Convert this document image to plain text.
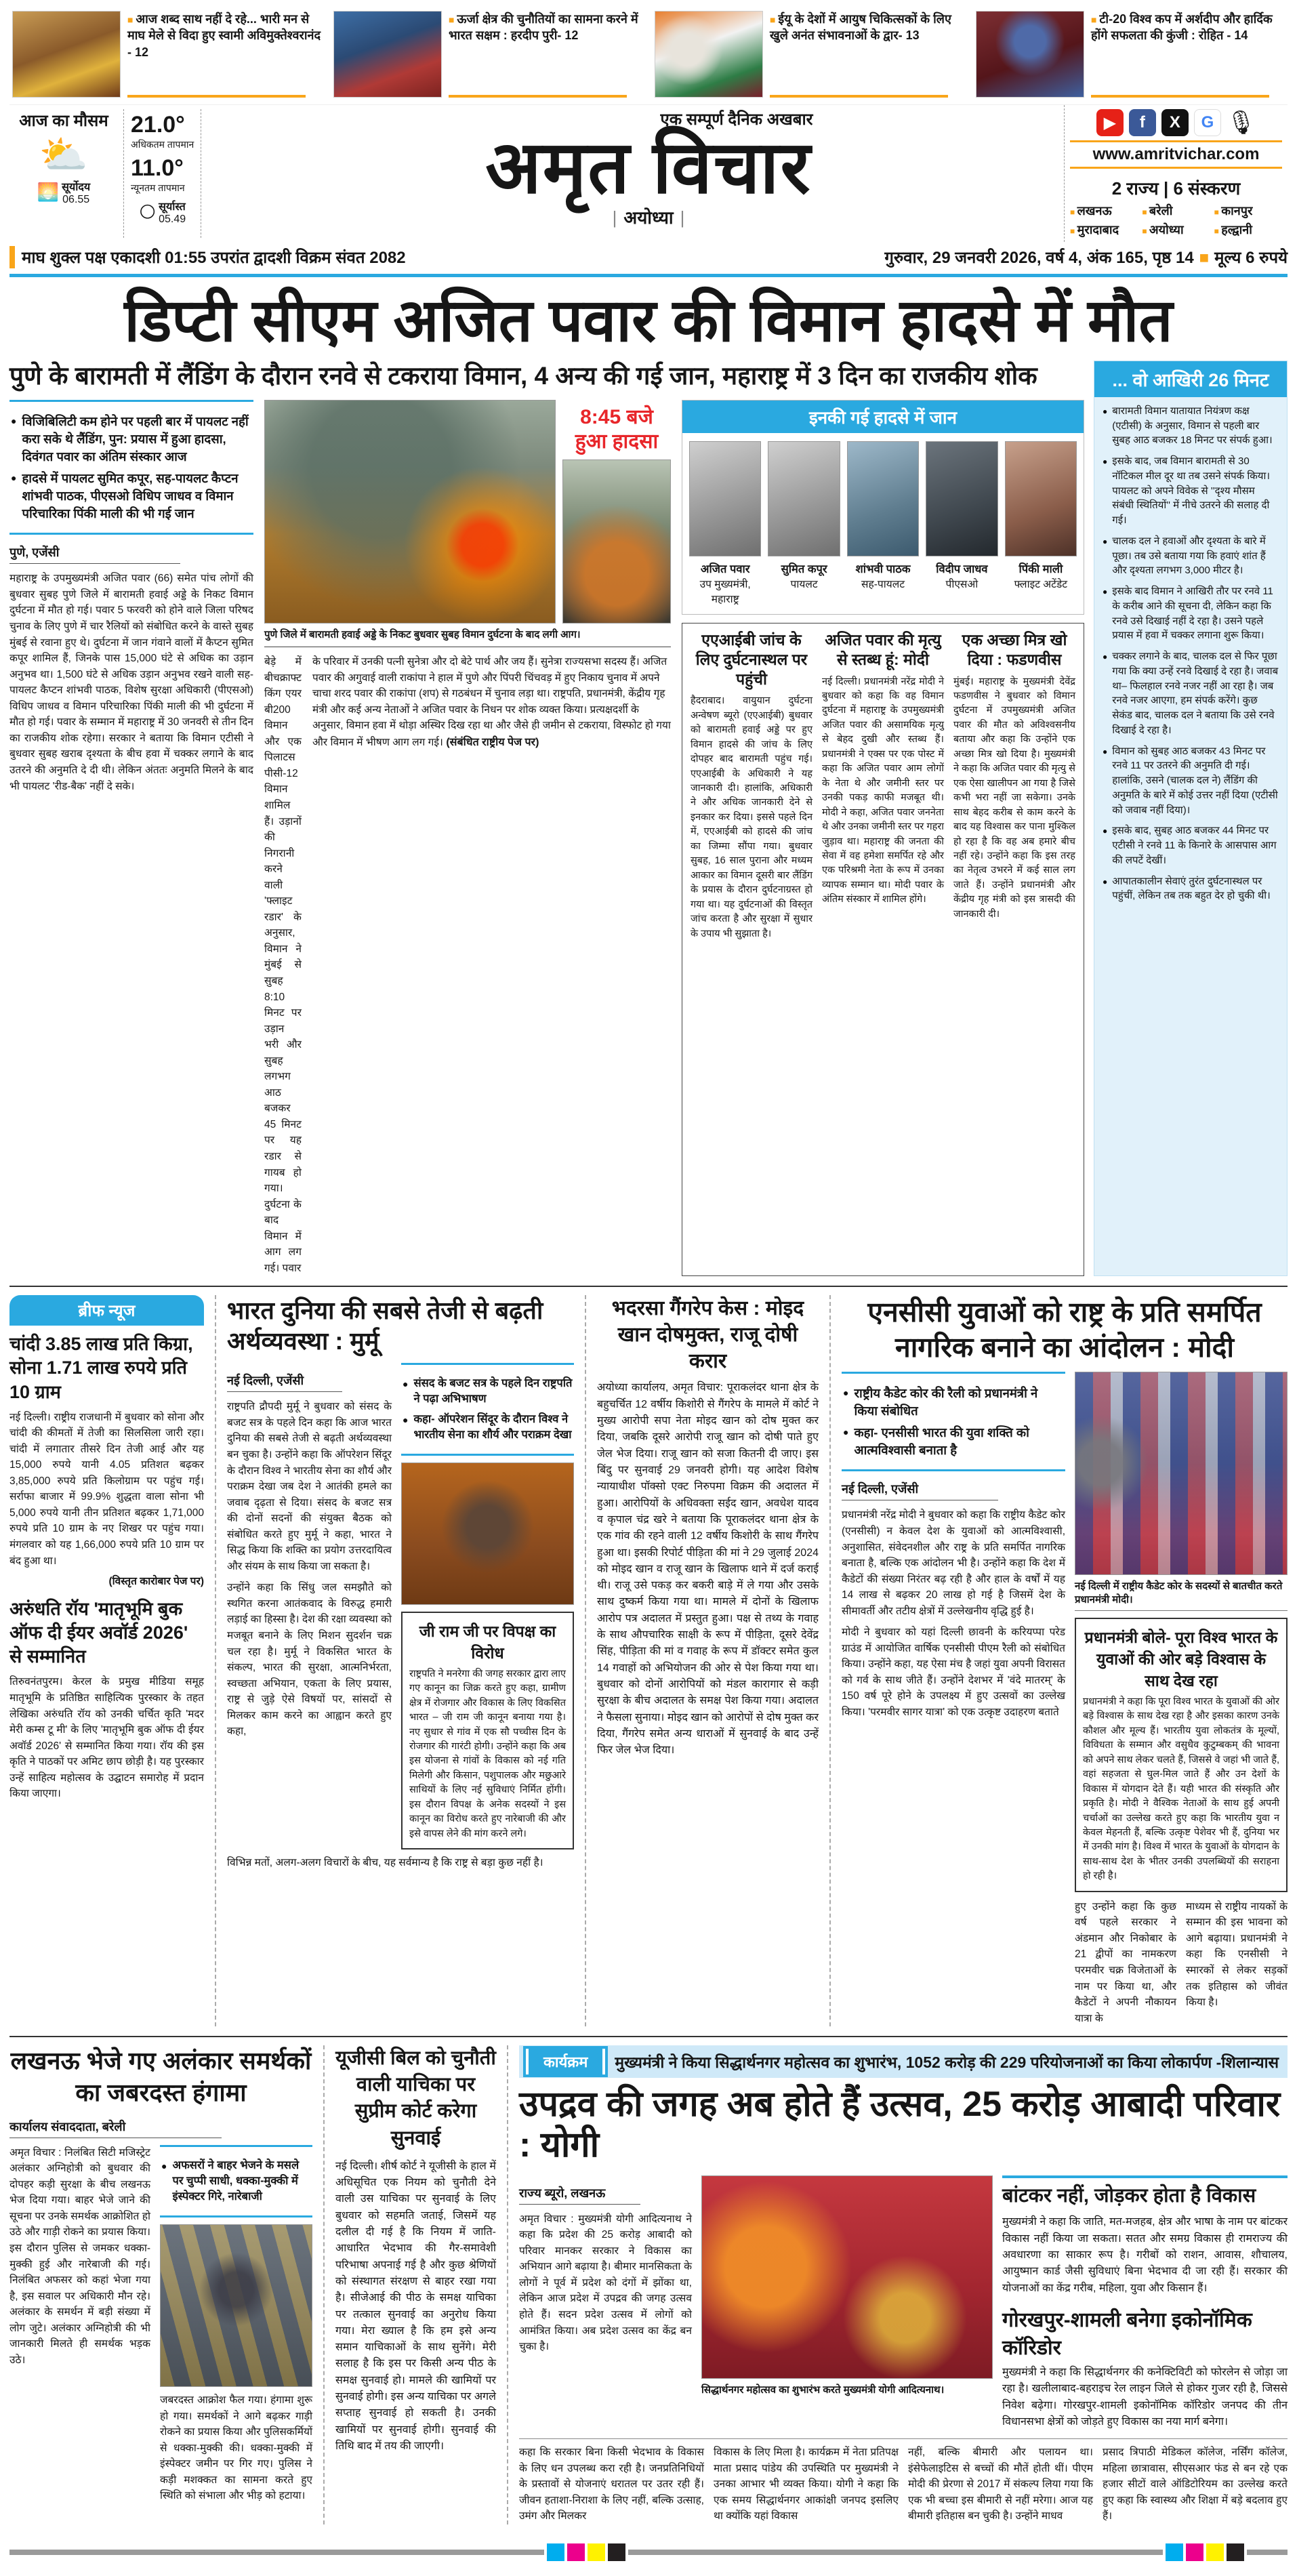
■ आज शब्द साथ नहीं दे रहे... भारी मन से माघ मेले से विदा हुए स्वामी अविमुक्तेश्वरानंद - 12
■ ऊर्जा क्षेत्र की चुनौतियों का सामना करने में भारत सक्षम : हरदीप पुरी- 12
■ ईयू के देशों में आयुष चिकित्सकों के लिए खुले अनंत संभावनाओं के द्वार- 13
■ टी-20 विश्व कप में अर्शदीप और हार्दिक होंगे सफलता की कुंजी : रोहित - 14
आज का मौसम
⛅
🌅 सूर्योदय
06.55
21.0°
अधिकतम तापमान
11.0°
न्यूनतम तापमान
🌕 सूर्यास्त
05.49
एक सम्पूर्ण दैनिक अखबार
अमृत विचार
| अयोध्या |
▶	f	X	G 🎙
www.amritvichar.com
2 राज्य | 6 संस्करण
■ लखनऊ	■ बरेली	■ कानपुर
■ मुरादाबाद	■ अयोध्या	■ हल्द्वानी
माघ शुक्ल पक्ष एकादशी 01:55 उपरांत द्वादशी विक्रम संवत 2082	गुरुवार, 29 जनवरी 2026, वर्ष 4, अंक 165, पृष्ठ 14 ■ मूल्य 6 रुपये
डिप्टी सीएम अजित पवार की विमान हादसे में मौत
पुणे के बारामती में लैंडिंग के दौरान रनवे से टकराया विमान, 4 अन्य की गई जान, महाराष्ट्र में 3 दिन का राजकीय शोक
● विजिबिलिटी कम होने पर पहली बार में पायलट नहीं करा सके थे लैंडिंग, पुन: प्रयास में हुआ हादसा, दिवंगत पवार का अंतिम संस्कार आज
● हादसे में पायलट सुमित कपूर, सह-पायलट कैप्टन शांभवी पाठक, पीएसओ विधिप जाधव व विमान परिचारिका पिंकी माली की भी गई जान
पुणे, एजेंसी
महाराष्ट्र के उपमुख्यमंत्री अजित पवार (66) समेत पांच लोगों की बुधवार सुबह पुणे जिले में बारामती हवाई अड्डे के निकट विमान दुर्घटना में मौत हो गई। पवार 5 फरवरी को होने वाले जिला परिषद चुनाव के लिए पुणे में चार रैलियों को संबोधित करने के वास्ते सुबह मुंबई से रवाना हुए थे। दुर्घटना में जान गंवाने वालों में कैप्टन सुमित कपूर शामिल हैं, जिनके पास 15,000 घंटे से अधिक का उड़ान अनुभव था। 1,500 घंटे से अधिक उड़ान अनुभव रखने वाली सह-पायलट कैप्टन शांभवी पाठक, विशेष सुरक्षा अधिकारी (पीएसओ) विधिप जाधव व विमान परिचारिका पिंकी माली की भी दुर्घटना में मौत हो गई। पवार के सम्मान में महाराष्ट्र में 30 जनवरी से तीन दिन का राजकीय शोक रहेगा। सरकार ने बताया कि विमान एटीसी ने बुधवार सुबह खराब दृश्यता के बीच हवा में चक्कर लगाने के बाद उतरने की अनुमति दे दी थी। लेकिन अंततः अनुमति मिलने के बाद भी पायलट 'रीड-बैक' नहीं दे सके।
8:45 बजे हुआ हादसा
पुणे जिले में बारामती हवाई अड्डे के निकट बुधवार सुबह विमान दुर्घटना के बाद लगी आग।
बेड़े में बीचक्राफ्ट किंग एयर बी200 विमान और एक पिलाटस पीसी-12 विमान शामिल हैं। उड़ानों की निगरानी करने वाली 'फ्लाइट रडार' के अनुसार, विमान ने मुंबई से सुबह 8:10 मिनट पर उड़ान भरी और सुबह लगभग आठ बजकर 45 मिनट पर यह रडार से गायब हो गया। दुर्घटना के बाद विमान में आग लग गई। पवार
के परिवार में उनकी पत्नी सुनेत्रा और दो बेटे पार्थ और जय हैं। सुनेत्रा राज्यसभा सदस्य हैं। अजित पवार की अगुवाई वाली राकांपा ने हाल में पुणे और पिंपरी चिंचवड़ में हुए निकाय चुनाव में अपने चाचा शरद पवार की राकांपा (शप) से गठबंधन में चुनाव लड़ा था। राष्ट्रपति, प्रधानमंत्री, केंद्रीय गृह मंत्री और कई अन्य नेताओं ने अजित पवार के निधन पर शोक व्यक्त किया। प्रत्यक्षदर्शी के अनुसार, विमान हवा में थोड़ा अस्थिर दिख रहा था और जैसे ही जमीन से टकराया, विस्फोट हो गया और विमान में भीषण आग लग गई। (संबंधित राष्ट्रीय पेज पर)
इनकी गई हादसे में जान
अजित पवार
उप मुख्यमंत्री, महाराष्ट्र
सुमित कपूर
पायलट
शांभवी पाठक
सह-पायलट
विदीप जाधव
पीएसओ
पिंकी माली
फ्लाइट अटेंडेट
एएआईबी जांच के लिए दुर्घटनास्थल पर पहुंची
हैदराबाद। वायुयान दुर्घटना अन्वेषण ब्यूरो (एएआईबी) बुधवार को बारामती हवाई अड्डे पर हुए विमान हादसे की जांच के लिए दोपहर बाद बारामती पहुंच गई। एएआईबी के अधिकारी ने यह जानकारी दी। हालांकि, अधिकारी ने और अधिक जानकारी देने से इनकार कर दिया। इससे पहले दिन में, एएआईबी को हादसे की जांच का जिम्मा सौंपा गया। बुधवार सुबह, 16 साल पुराना और मध्यम आकार का विमान दूसरी बार लैंडिंग के प्रयास के दौरान दुर्घटनाग्रस्त हो गया था। यह दुर्घटनाओं की विस्तृत जांच करता है और सुरक्षा में सुधार के उपाय भी सुझाता है।
अजित पवार की मृत्यु से स्तब्ध हूं: मोदी
नई दिल्ली। प्रधानमंत्री नरेंद्र मोदी ने बुधवार को कहा कि वह विमान दुर्घटना में महाराष्ट्र के उपमुख्यमंत्री अजित पवार की असामयिक मृत्यु से बेहद दुखी और स्तब्ध हैं। प्रधानमंत्री ने एक्स पर एक पोस्ट में कहा कि अजित पवार आम लोगों के नेता थे और जमीनी स्तर पर उनकी पकड़ काफी मजबूत थी। मोदी ने कहा, अजित पवार जननेता थे और उनका जमीनी स्तर पर गहरा जुड़ाव था। महाराष्ट्र की जनता की सेवा में वह हमेशा समर्पित रहे और एक परिश्रमी नेता के रूप में उनका व्यापक सम्मान था। मोदी पवार के अंतिम संस्कार में शामिल होंगे।
एक अच्छा मित्र खो दिया : फडणवीस
मुंबई। महाराष्ट्र के मुख्यमंत्री देवेंद्र फडणवीस ने बुधवार को विमान दुर्घटना में उपमुख्यमंत्री अजित पवार की मौत को अविश्वसनीय बताया और कहा कि उन्होंने एक अच्छा मित्र खो दिया है। मुख्यमंत्री ने कहा कि अजित पवार की मृत्यु से एक ऐसा खालीपन आ गया है जिसे कभी भरा नहीं जा सकेगा। उनके साथ बेहद करीब से काम करने के बाद यह विश्वास कर पाना मुश्किल हो रहा है कि वह अब हमारे बीच नहीं रहे। उन्होंने कहा कि इस तरह का नेतृत्व उभरने में कई साल लग जाते हैं। उन्होंने प्रधानमंत्री और केंद्रीय गृह मंत्री को इस त्रासदी की जानकारी दी।
... वो आखिरी 26 मिनट
● बारामती विमान यातायात नियंत्रण कक्ष (एटीसी) के अनुसार, विमान से पहली बार सुबह आठ बजकर 18 मिनट पर संपर्क हुआ।
● इसके बाद, जब विमान बारामती से 30 नॉटिकल मील दूर था तब उसने संपर्क किया। पायलट को अपने विवेक से ''दृश्य मौसम संबंधी स्थितियों'' में नीचे उतरने की सलाह दी गई।
● चालक दल ने हवाओं और दृश्यता के बारे में पूछा। तब उसे बताया गया कि हवाएं शांत हैं और दृश्यता लगभग 3,000 मीटर है।
● इसके बाद विमान ने आखिरी तौर पर रनवे 11 के करीब आने की सूचना दी, लेकिन कहा कि रनवे उसे दिखाई नहीं दे रहा है। उसने पहले प्रयास में हवा में चक्कर लगाना शुरू किया।
● चक्कर लगाने के बाद, चालक दल से फिर पूछा गया कि क्या उन्हें रनवे दिखाई दे रहा है। जवाब था– फिलहाल रनवे नजर नहीं आ रहा है। जब रनवे नजर आएगा, हम संपर्क करेंगे। कुछ सेकंड बाद, चालक दल ने बताया कि उसे रनवे दिखाई दे रहा है।
● विमान को सुबह आठ बजकर 43 मिनट पर रनवे 11 पर उतरने की अनुमति दी गई। हालांकि, उसने (चालक दल ने) लैंडिंग की अनुमति के बारे में कोई उत्तर नहीं दिया (एटीसी को जवाब नहीं दिया)।
● इसके बाद, सुबह आठ बजकर 44 मिनट पर एटीसी ने रनवे 11 के किनारे के आसपास आग की लपटें देखीं।
● आपातकालीन सेवाएं तुरंत दुर्घटनास्थल पर पहुंचीं, लेकिन तब तक बहुत देर हो चुकी थी।
ब्रीफ न्यूज
चांदी 3.85 लाख प्रति किग्रा, सोना 1.71 लाख रुपये प्रति 10 ग्राम
नई दिल्ली। राष्ट्रीय राजधानी में बुधवार को सोना और चांदी की कीमतों में तेजी का सिलसिला जारी रहा। चांदी में लगातार तीसरे दिन तेजी आई और यह 15,000 रुपये यानी 4.05 प्रतिशत बढ़कर 3,85,000 रुपये प्रति किलोग्राम पर पहुंच गई। सर्राफा बाजार में 99.9% शुद्धता वाला सोना भी 5,000 रुपये यानी तीन प्रतिशत बढ़कर 1,71,000 रुपये प्रति 10 ग्राम के नए शिखर पर पहुंच गया। मंगलवार को यह 1,66,000 रुपये प्रति 10 ग्राम पर बंद हुआ था।
(विस्तृत कारोबार पेज पर)
अरुंधति रॉय 'मातृभूमि बुक ऑफ दी ईयर अवॉर्ड 2026' से सम्मानित
तिरुवनंतपुरम। केरल के प्रमुख मीडिया समूह मातृभूमि के प्रतिष्ठित साहित्यिक पुरस्कार के तहत लेखिका अरुंधति रॉय को उनकी चर्चित कृति 'मदर मेरी कम्स टू मी' के लिए 'मातृभूमि बुक ऑफ दी ईयर अवॉर्ड 2026' से सम्मानित किया गया। रॉय की इस कृति ने पाठकों पर अमिट छाप छोड़ी है। यह पुरस्कार उन्हें साहित्य महोत्सव के उद्घाटन समारोह में प्रदान किया जाएगा।
भारत दुनिया की सबसे तेजी से बढ़ती अर्थव्यवस्था : मुर्मू
नई दिल्ली, एजेंसी
राष्ट्रपति द्रौपदी मुर्मू ने बुधवार को संसद के बजट सत्र के पहले दिन कहा कि आज भारत दुनिया की सबसे तेजी से बढ़ती अर्थव्यवस्था बन चुका है। उन्होंने कहा कि ऑपरेशन सिंदूर के दौरान विश्व ने भारतीय सेना का शौर्य और पराक्रम देखा जब देश ने आतंकी हमले का जवाब दृढ़ता से दिया। संसद के बजट सत्र की दोनों सदनों की संयुक्त बैठक को संबोधित करते हुए मुर्मू ने कहा, भारत ने सिद्ध किया कि शक्ति का प्रयोग उत्तरदायित्व और संयम के साथ किया जा सकता है।
उन्होंने कहा कि सिंधु जल समझौते को स्थगित करना आतंकवाद के विरुद्ध हमारी लड़ाई का हिस्सा है। देश की रक्षा व्यवस्था को मजबूत बनाने के लिए मिशन सुदर्शन चक्र चल रहा है। मुर्मू ने विकसित भारत के संकल्प, भारत की सुरक्षा, आत्मनिर्भरता, स्वच्छता अभियान, एकता के लिए प्रयास, राष्ट्र से जुड़े ऐसे विषयों पर, सांसदों से मिलकर काम करने का आह्वान करते हुए कहा,
● संसद के बजट सत्र के पहले दिन राष्ट्रपति ने पढ़ा अभिभाषण
● कहा- ऑपरेशन सिंदूर के दौरान विश्व ने भारतीय सेना का शौर्य और पराक्रम देखा
जी राम जी पर विपक्ष का विरोध
राष्ट्रपति ने मनरेगा की जगह सरकार द्वारा लाए गए कानून का जिक्र करते हुए कहा, ग्रामीण क्षेत्र में रोजगार और विकास के लिए विकसित भारत – जी राम जी कानून बनाया गया है। नए सुधार से गांव में एक सौ पच्चीस दिन के रोजगार की गारंटी होगी। उन्होंने कहा कि अब इस योजना से गांवों के विकास को नई गति मिलेगी और किसान, पशुपालक और मछुआरे साथियों के लिए नई सुविधाएं निर्मित होंगी। इस दौरान विपक्ष के अनेक सदस्यों ने इस कानून का विरोध करते हुए नारेबाजी की और इसे वापस लेने की मांग करने लगे।
विभिन्न मतों, अलग-अलग विचारों के बीच, यह सर्वमान्य है कि राष्ट्र से बड़ा कुछ नहीं है।
भदरसा गैंगरेप केस : मोइद खान दोषमुक्त, राजू दोषी करार
अयोध्या कार्यालय, अमृत विचार: पूराकलंदर थाना क्षेत्र के बहुचर्चित 12 वर्षीय किशोरी से गैंगरेप के मामले में कोर्ट ने मुख्य आरोपी सपा नेता मोइद खान को दोष मुक्त कर दिया, जबकि दूसरे आरोपी राजू खान को दोषी पाते हुए जेल भेज दिया। राजू खान को सजा कितनी दी जाए। इस बिंदु पर सुनवाई 29 जनवरी होगी। यह आदेश विशेष न्यायाधीश पॉक्सो एक्ट निरुपमा विक्रम की अदालत में हुआ। आरोपियों के अधिवक्ता सईद खान, अवधेश यादव व कृपाल चंद्र खरे ने बताया कि पूराकलंदर थाना क्षेत्र के एक गांव की रहने वाली 12 वर्षीय किशोरी के साथ गैंगरेप हुआ था। इसकी रिपोर्ट पीड़िता की मां ने 29 जुलाई 2024 को मोइद खान व राजू खान के खिलाफ थाने में दर्ज कराई थी। राजू उसे पकड़ कर बकरी बाड़े में ले गया और उसके साथ दुष्कर्म किया गया था। मामले में दोनों के खिलाफ आरोप पत्र अदालत में प्रस्तुत हुआ। पक्ष से तथ्य के गवाह के साथ औपचारिक साक्षी के रूप में पीड़िता, दूसरे देवेंद्र सिंह, पीड़िता की मां व गवाह के रूप में डॉक्टर समेत कुल 14 गवाहों को अभियोजन की ओर से पेश किया गया था। बुधवार को दोनों आरोपियों को मंडल कारागार से कड़ी सुरक्षा के बीच अदालत के समक्ष पेश किया गया। अदालत ने फैसला सुनाया। मोइद खान को आरोपों से दोष मुक्त कर दिया, गैंगरेप समेत अन्य धाराओं में सुनवाई के बाद उन्हें फिर जेल भेज दिया।
एनसीसी युवाओं को राष्ट्र के प्रति समर्पित नागरिक बनाने का आंदोलन : मोदी
● राष्ट्रीय कैडेट कोर की रैली को प्रधानमंत्री ने किया संबोधित
● कहा- एनसीसी भारत की युवा शक्ति को आत्मविश्वासी बनाता है
नई दिल्ली, एजेंसी
प्रधानमंत्री नरेंद्र मोदी ने बुधवार को कहा कि राष्ट्रीय कैडेट कोर (एनसीसी) न केवल देश के युवाओं को आत्मविश्वासी, अनुशासित, संवेदनशील और राष्ट्र के प्रति समर्पित नागरिक बनाता है, बल्कि एक आंदोलन भी है। उन्होंने कहा कि देश में कैडेटों की संख्या निरंतर बढ़ रही है और हाल के वर्षों में यह 14 लाख से बढ़कर 20 लाख हो गई है जिसमें देश के सीमावर्ती और तटीय क्षेत्रों में उल्लेखनीय वृद्धि हुई है।
मोदी ने बुधवार को यहां दिल्ली छावनी के करियप्पा परेड ग्राउंड में आयोजित वार्षिक एनसीसी पीएम रैली को संबोधित किया। उन्होंने कहा, यह ऐसा मंच है जहां युवा अपनी विरासत को गर्व के साथ जीते हैं। उन्होंने देशभर में 'वंदे मातरम्' के 150 वर्ष पूरे होने के उपलक्ष्य में हुए उत्सवों का उल्लेख किया। 'परमवीर सागर यात्रा' को एक उत्कृष्ट उदाहरण बताते
नई दिल्ली में राष्ट्रीय कैडेट कोर के सदस्यों से बातचीत करते प्रधानमंत्री मोदी।
प्रधानमंत्री बोले- पूरा विश्व भारत के युवाओं की ओर बड़े विश्वास के साथ देख रहा
प्रधानमंत्री ने कहा कि पूरा विश्व भारत के युवाओं की ओर बड़े विश्वास के साथ देख रहा है और इसका कारण उनके कौशल और मूल्य हैं। भारतीय युवा लोकतंत्र के मूल्यों, विविधता के सम्मान और वसुधैव कुटुम्बकम् की भावना को अपने साथ लेकर चलते हैं, जिससे वे जहां भी जाते हैं, वहां सहजता से घुल-मिल जाते हैं और उन देशों के विकास में योगदान देते हैं। यही भारत की संस्कृति और प्रकृति है। मोदी ने वैश्विक नेताओं के साथ हुई अपनी चर्चाओं का उल्लेख करते हुए कहा कि भारतीय युवा न केवल मेहनती हैं, बल्कि उत्कृष्ट पेशेवर भी हैं, दुनिया भर में उनकी मांग है। विश्व में भारत के युवाओं के योगदान के साथ-साथ देश के भीतर उनकी उपलब्धियों की सराहना हो रही है।
हुए उन्होंने कहा कि कुछ वर्ष पहले सरकार ने अंडमान और निकोबार के 21 द्वीपों का नामकरण परमवीर चक्र विजेताओं के नाम पर किया था, और कैडेटों ने अपनी नौकायन यात्रा के
माध्यम से राष्ट्रीय नायकों के सम्मान की इस भावना को आगे बढ़ाया। प्रधानमंत्री ने कहा कि एनसीसी ने स्मारकों से लेकर सड़कों तक इतिहास को जीवंत किया है।
लखनऊ भेजे गए अलंकार समर्थकों का जबरदस्त हंगामा
कार्यालय संवाददाता, बरेली
अमृत विचार : निलंबित सिटी मजिस्ट्रेट अलंकार अग्निहोत्री को बुधवार की दोपहर कड़ी सुरक्षा के बीच लखनऊ भेज दिया गया। बाहर भेजे जाने की सूचना पर उनके समर्थक आक्रोशित हो उठे और गाड़ी रोकने का प्रयास किया। इस दौरान पुलिस से जमकर धक्का-मुक्की हुई और नारेबाजी की गई। निलंबित अफसर को कहां भेजा गया है, इस सवाल पर अधिकारी मौन रहे। अलंकार के समर्थन में बड़ी संख्या में लोग जुटे। अलंकार अग्निहोत्री की भी जानकारी मिलते ही समर्थक भड़क उठे।
● अफसरों ने बाहर भेजने के मसले पर चुप्पी साधी, धक्का-मुक्की में इंस्पेक्टर गिरे, नारेबाजी
जबरदस्त आक्रोश फैल गया। हंगामा शुरू हो गया। समर्थकों ने आगे बढ़कर गाड़ी रोकने का प्रयास किया और पुलिसकर्मियों से धक्का-मुक्की की। धक्का-मुक्की में इंस्पेक्टर जमीन पर गिर गए। पुलिस ने कड़ी मशक्कत का सामना करते हुए स्थिति को संभाला और भीड़ को हटाया।
यूजीसी बिल को चुनौती वाली याचिका पर सुप्रीम कोर्ट करेगा सुनवाई
नई दिल्ली। शीर्ष कोर्ट ने यूजीसी के हाल में अधिसूचित एक नियम को चुनौती देने वाली उस याचिका पर सुनवाई के लिए बुधवार को सहमति जताई, जिसमें यह दलील दी गई है कि नियम में जाति-आधारित भेदभाव की गैर-समावेशी परिभाषा अपनाई गई है और कुछ श्रेणियों को संस्थागत संरक्षण से बाहर रखा गया है। सीजेआई की पीठ के समक्ष याचिका पर तत्काल सुनवाई का अनुरोध किया गया। मेरा ख्याल है कि हम इसे अन्य समान याचिकाओं के साथ सुनेंगे। मेरी सलाह है कि इस पर किसी अन्य पीठ के समक्ष सुनवाई हो। मामले की खामियों पर सुनवाई होगी। इस अन्य याचिका पर अगले सप्ताह सुनवाई हो सकती है। उनकी खामियों पर सुनवाई होगी। सुनवाई की तिथि बाद में तय की जाएगी।
कार्यक्रम	मुख्यमंत्री ने किया सिद्धार्थनगर महोत्सव का शुभारंभ, 1052 करोड़ की 229 परियोजनाओं का किया लोकार्पण -शिलान्यास
उपद्रव की जगह अब होते हैं उत्सव, 25 करोड़ आबादी परिवार : योगी
राज्य ब्यूरो, लखनऊ
अमृत विचार : मुख्यमंत्री योगी आदित्यनाथ ने कहा कि प्रदेश की 25 करोड़ आबादी को परिवार मानकर सरकार ने विकास का अभियान आगे बढ़ाया है। बीमार मानसिकता के लोगों ने पूर्व में प्रदेश को दंगों में झोंका था, लेकिन आज प्रदेश में उपद्रव की जगह उत्सव होते हैं। सदन प्रदेश उत्सव में लोगों को आमंत्रित किया। अब प्रदेश उत्सव का केंद्र बन चुका है।
सिद्धार्थनगर महोत्सव का शुभारंभ करते मुख्यमंत्री योगी आदित्यनाथ।
बांटकर नहीं, जोड़कर होता है विकास
मुख्यमंत्री ने कहा कि जाति, मत-मजहब, क्षेत्र और भाषा के नाम पर बांटकर विकास नहीं किया जा सकता। सतत और समग्र विकास ही रामराज्य की अवधारणा का साकार रूप है। गरीबों को राशन, आवास, शौचालय, आयुष्मान कार्ड जैसी सुविधाएं बिना भेदभाव दी जा रही हैं। सरकार की योजनाओं का केंद्र गरीब, महिला, युवा और किसान हैं।
गोरखपुर-शामली बनेगा इकोनॉमिक कॉरिडोर
मुख्यमंत्री ने कहा कि सिद्धार्थनगर की कनेक्टिविटी को फोरलेन से जोड़ा जा रहा है। खलीलाबाद-बहराइच रेल लाइन जिले से होकर गुजर रही है, जिससे निवेश बढ़ेगा। गोरखपुर-शामली इकोनॉमिक कॉरिडोर जनपद की तीन विधानसभा क्षेत्रों को जोड़ते हुए विकास का नया मार्ग बनेगा।
कहा कि सरकार बिना किसी भेदभाव के विकास के लिए धन उपलब्ध करा रही है। जनप्रतिनिधियों के प्रस्तावों से योजनाएं धरातल पर उतर रही हैं। जीवन हताशा-निराशा के लिए नहीं, बल्कि उत्साह, उमंग और मिलकर
विकास के लिए मिला है। कार्यक्रम में नेता प्रतिपक्ष माता प्रसाद पांडेय की उपस्थिति पर मुख्यमंत्री ने उनका आभार भी व्यक्त किया। योगी ने कहा कि एक समय सिद्धार्थनगर आकांक्षी जनपद इसलिए था क्योंकि यहां विकास
नहीं, बल्कि बीमारी और पलायन था। इंसेफेलाइटिस से बच्चों की मौतें होती थीं। पीएम मोदी की प्रेरणा से 2017 में संकल्प लिया गया कि एक भी बच्चा इस बीमारी से नहीं मरेगा। आज यह बीमारी इतिहास बन चुकी है। उन्होंने माधव
प्रसाद त्रिपाठी मेडिकल कॉलेज, नर्सिंग कॉलेज, महिला छात्रावास, सीएसआर फंड से बन रहे एक हजार सीटों वाले ऑडिटोरियम का उल्लेख करते हुए कहा कि स्वास्थ्य और शिक्षा में बड़े बदलाव हुए हैं।
